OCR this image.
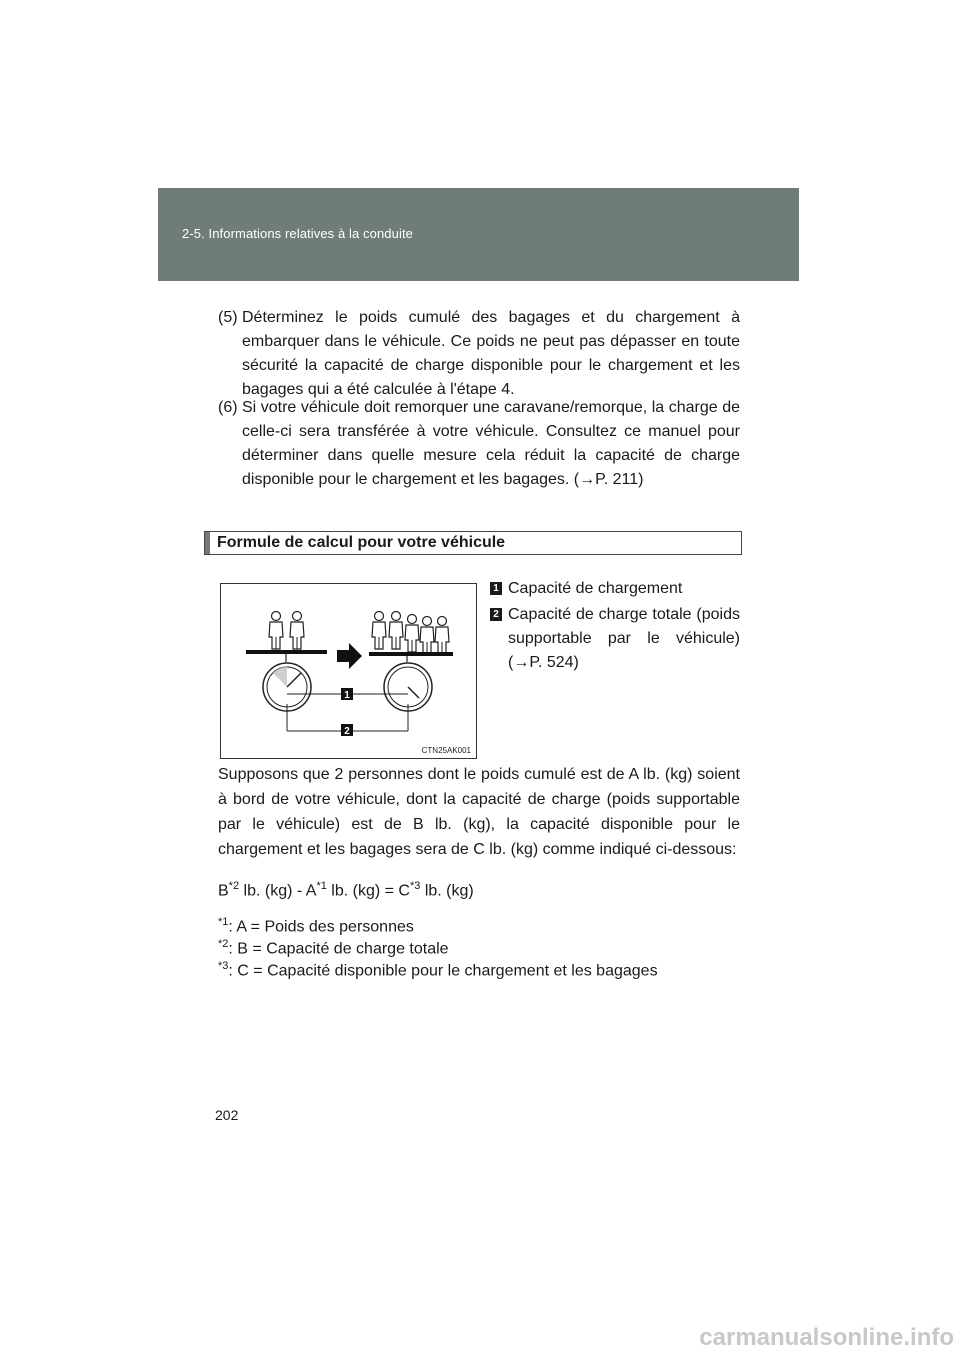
2-5. Informations relatives à la conduite
(5) Déterminez le poids cumulé des bagages et du chargement à embarquer dans le véhicule. Ce poids ne peut pas dépasser en toute sécurité la capacité de charge disponible pour le chargement et les bagages qui a été calculée à l'étape 4.
(6) Si votre véhicule doit remorquer une caravane/remorque, la charge de celle-ci sera transférée à votre véhicule. Consultez ce manuel pour déterminer dans quelle mesure cela réduit la capacité de charge disponible pour le chargement et les bagages. (→P. 211)
Formule de calcul pour votre véhicule
1
2
CTN25AK001
1 Capacité de chargement
2 Capacité de charge totale (poids supportable par le véhicule) (→P. 524)
Supposons que 2 personnes dont le poids cumulé est de A lb. (kg) soient à bord de votre véhicule, dont la capacité de charge (poids supportable par le véhicule) est de B lb. (kg), la capacité disponible pour le chargement et les bagages sera de C lb. (kg) comme indiqué ci-dessous:
$B^{*2}$ lb. $(kg) - A^{*1}$ lb. $(kg) = C^{*3}$ lb. (kg)
$^{*1}$: A = Poids des personnes
$^{*2}$: B = Capacité de charge totale
$^{*3}$: C = Capacité disponible pour le chargement et les bagages
202
carmanualsonline.info
